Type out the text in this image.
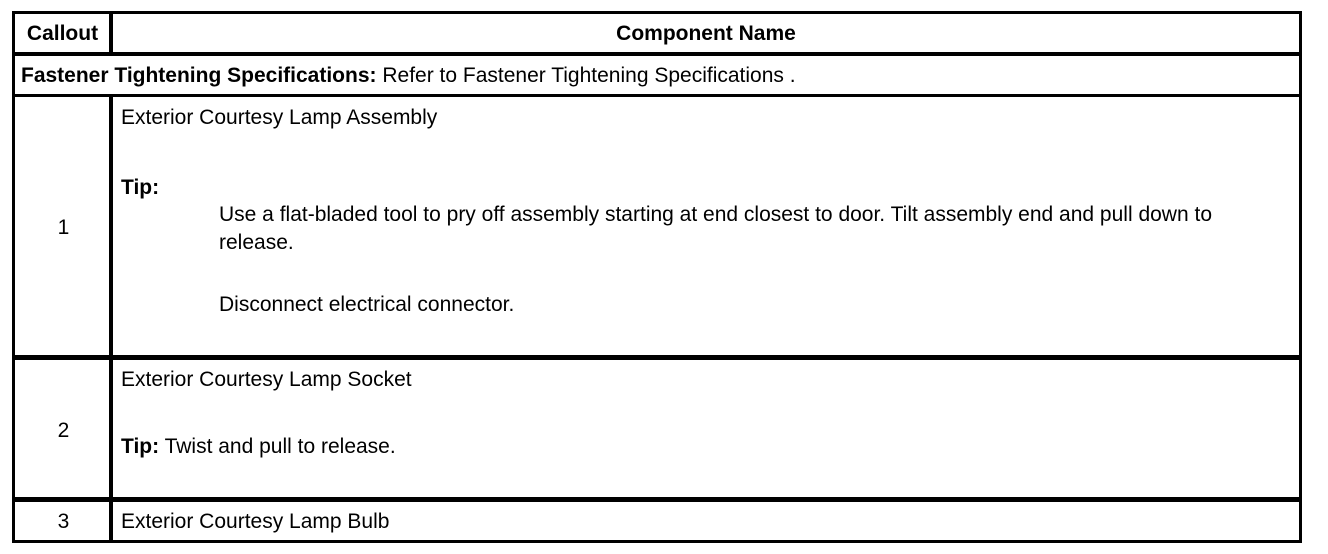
Callout	Component Name
Fastener Tightening Specifications: Refer to Fastener Tightening Specifications .
1
Exterior Courtesy Lamp Assembly
Tip:
Use a flat-bladed tool to pry off assembly starting at end closest to door. Tilt assembly end and pull down to release.
Disconnect electrical connector.
2
Exterior Courtesy Lamp Socket
Tip: Twist and pull to release.
3	Exterior Courtesy Lamp Bulb
